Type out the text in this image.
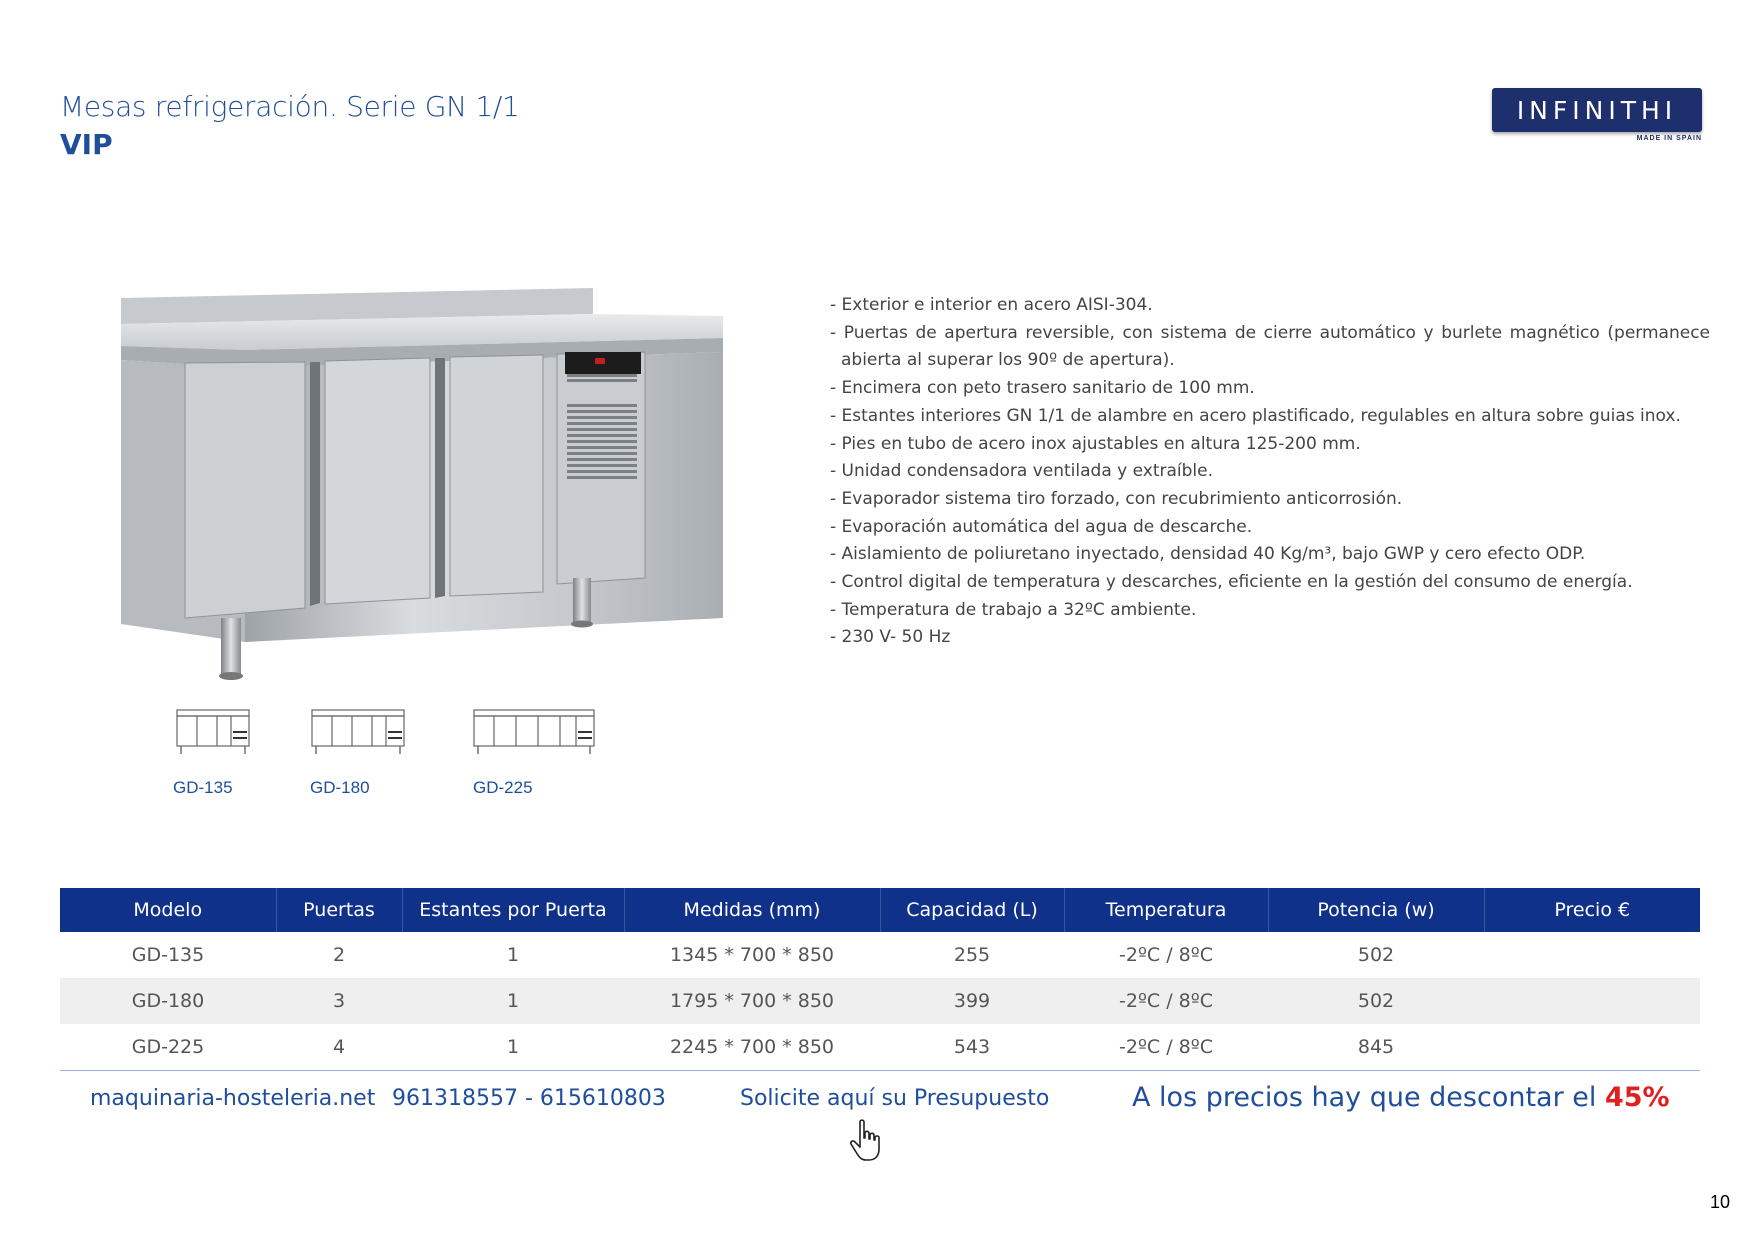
Mesas refrigeración. Serie GN 1/1
VIP
INFINITHI
MADE IN SPAIN
- Exterior e interior en acero AISI-304.
- Puertas de apertura reversible, con sistema de cierre automático y burlete magnético (permanece abierta al superar los 90º de apertura).
- Encimera con peto trasero sanitario de 100 mm.
- Estantes interiores GN 1/1 de alambre en acero plastificado, regulables en altura sobre guias inox.
- Pies en tubo de acero inox ajustables en altura 125-200 mm.
- Unidad condensadora ventilada y extraíble.
- Evaporador sistema tiro forzado, con recubrimiento anticorrosión.
- Evaporación automática del agua de descarche.
- Aislamiento de poliuretano inyectado, densidad 40 Kg/m³, bajo GWP y cero efecto ODP.
- Control digital de temperatura y descarches, eficiente en la gestión del consumo de energía.
- Temperatura de trabajo a 32ºC ambiente.
- 230 V- 50 Hz
GD-135	GD-180	GD-225
Modelo	Puertas	Estantes por Puerta	Medidas (mm)	Capacidad (L)	Temperatura	Potencia (w)	Precio €
GD-135	2	1	1345 * 700 * 850	255	-2ºC / 8ºC	502	
GD-180	3	1	1795 * 700 * 850	399	-2ºC / 8ºC	502	
GD-225	4	1	2245 * 700 * 850	543	-2ºC / 8ºC	845	
maquinaria-hosteleria.net 961318557 - 615610803	Solicite aquí su Presupuesto	A los precios hay que descontar el 45%
10
